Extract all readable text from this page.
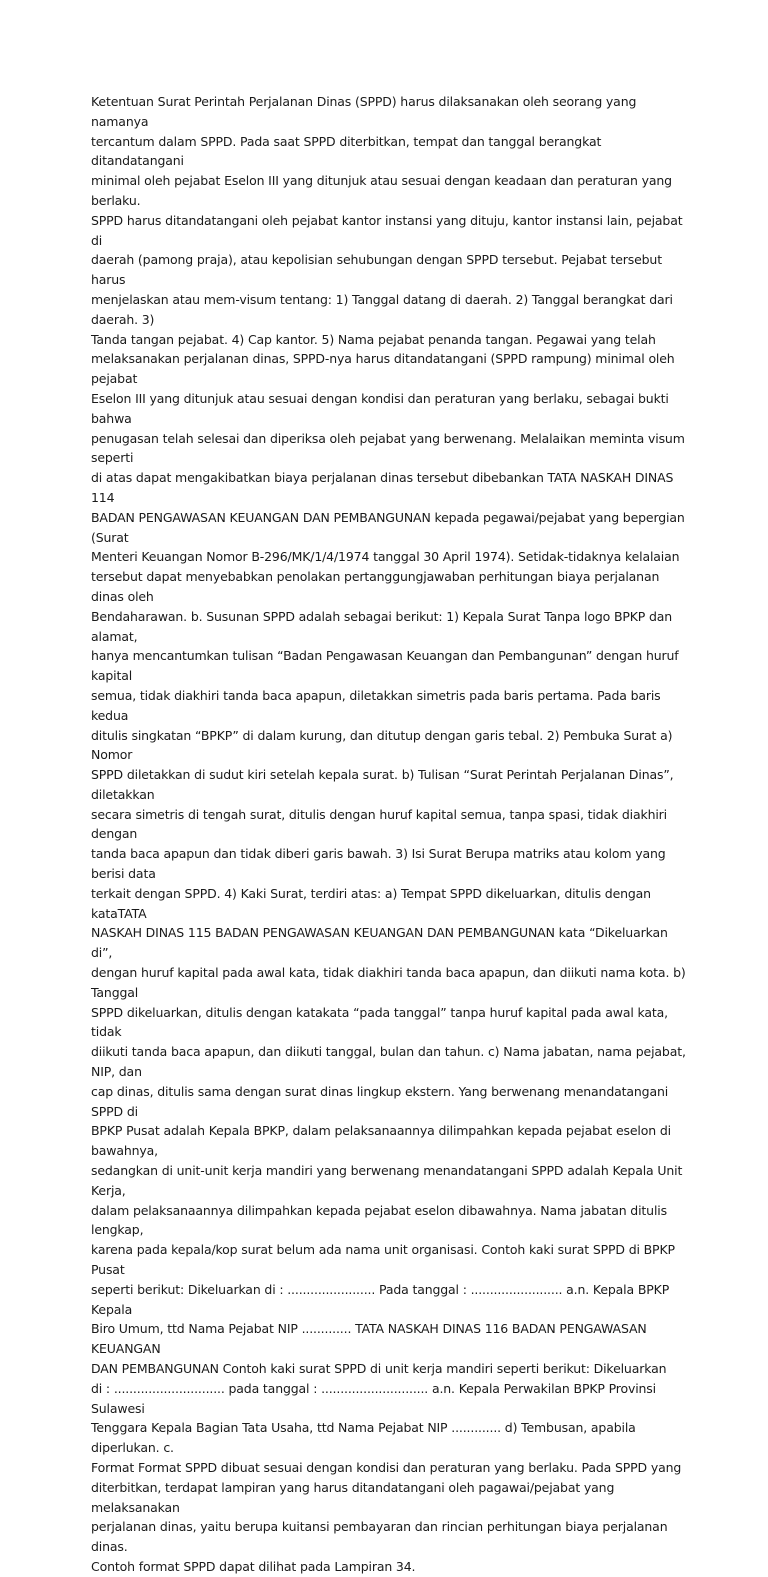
Ketentuan Surat Perintah Perjalanan Dinas (SPPD) harus dilaksanakan oleh seorang yang namanya
tercantum dalam SPPD. Pada saat SPPD diterbitkan, tempat dan tanggal berangkat ditandatangani
minimal oleh pejabat Eselon III yang ditunjuk atau sesuai dengan keadaan dan peraturan yang berlaku.
SPPD harus ditandatangani oleh pejabat kantor instansi yang dituju, kantor instansi lain, pejabat di
daerah (pamong praja), atau kepolisian sehubungan dengan SPPD tersebut. Pejabat tersebut harus
menjelaskan atau mem-visum tentang: 1) Tanggal datang di daerah. 2) Tanggal berangkat dari daerah. 3)
Tanda tangan pejabat. 4) Cap kantor. 5) Nama pejabat penanda tangan. Pegawai yang telah
melaksanakan perjalanan dinas, SPPD-nya harus ditandatangani (SPPD rampung) minimal oleh pejabat
Eselon III yang ditunjuk atau sesuai dengan kondisi dan peraturan yang berlaku, sebagai bukti bahwa
penugasan telah selesai dan diperiksa oleh pejabat yang berwenang. Melalaikan meminta visum seperti
di atas dapat mengakibatkan biaya perjalanan dinas tersebut dibebankan TATA NASKAH DINAS 114
BADAN PENGAWASAN KEUANGAN DAN PEMBANGUNAN kepada pegawai/pejabat yang bepergian (Surat
Menteri Keuangan Nomor B-296/MK/1/4/1974 tanggal 30 April 1974). Setidak-tidaknya kelalaian
tersebut dapat menyebabkan penolakan pertanggungjawaban perhitungan biaya perjalanan dinas oleh
Bendaharawan. b. Susunan SPPD adalah sebagai berikut: 1) Kepala Surat Tanpa logo BPKP dan alamat,
hanya mencantumkan tulisan “Badan Pengawasan Keuangan dan Pembangunan” dengan huruf kapital
semua, tidak diakhiri tanda baca apapun, diletakkan simetris pada baris pertama. Pada baris kedua
ditulis singkatan “BPKP” di dalam kurung, dan ditutup dengan garis tebal. 2) Pembuka Surat a) Nomor
SPPD diletakkan di sudut kiri setelah kepala surat. b) Tulisan “Surat Perintah Perjalanan Dinas”, diletakkan
secara simetris di tengah surat, ditulis dengan huruf kapital semua, tanpa spasi, tidak diakhiri dengan
tanda baca apapun dan tidak diberi garis bawah. 3) Isi Surat Berupa matriks atau kolom yang berisi data
terkait dengan SPPD. 4) Kaki Surat, terdiri atas: a) Tempat SPPD dikeluarkan, ditulis dengan kataTATA
NASKAH DINAS 115 BADAN PENGAWASAN KEUANGAN DAN PEMBANGUNAN kata “Dikeluarkan di”,
dengan huruf kapital pada awal kata, tidak diakhiri tanda baca apapun, dan diikuti nama kota. b) Tanggal
SPPD dikeluarkan, ditulis dengan katakata “pada tanggal” tanpa huruf kapital pada awal kata, tidak
diikuti tanda baca apapun, dan diikuti tanggal, bulan dan tahun. c) Nama jabatan, nama pejabat, NIP, dan
cap dinas, ditulis sama dengan surat dinas lingkup ekstern. Yang berwenang menandatangani SPPD di
BPKP Pusat adalah Kepala BPKP, dalam pelaksanaannya dilimpahkan kepada pejabat eselon di bawahnya,
sedangkan di unit-unit kerja mandiri yang berwenang menandatangani SPPD adalah Kepala Unit Kerja,
dalam pelaksanaannya dilimpahkan kepada pejabat eselon dibawahnya. Nama jabatan ditulis lengkap,
karena pada kepala/kop surat belum ada nama unit organisasi. Contoh kaki surat SPPD di BPKP Pusat
seperti berikut: Dikeluarkan di : ....................... Pada tanggal : ........................ a.n. Kepala BPKP Kepala
Biro Umum, ttd Nama Pejabat NIP ............. TATA NASKAH DINAS 116 BADAN PENGAWASAN KEUANGAN
DAN PEMBANGUNAN Contoh kaki surat SPPD di unit kerja mandiri seperti berikut: Dikeluarkan
di : ............................. pada tanggal : ............................ a.n. Kepala Perwakilan BPKP Provinsi Sulawesi
Tenggara Kepala Bagian Tata Usaha, ttd Nama Pejabat NIP ............. d) Tembusan, apabila diperlukan. c.
Format Format SPPD dibuat sesuai dengan kondisi dan peraturan yang berlaku. Pada SPPD yang
diterbitkan, terdapat lampiran yang harus ditandatangani oleh pagawai/pejabat yang melaksanakan
perjalanan dinas, yaitu berupa kuitansi pembayaran dan rincian perhitungan biaya perjalanan dinas.
Contoh format SPPD dapat dilihat pada Lampiran 34.
